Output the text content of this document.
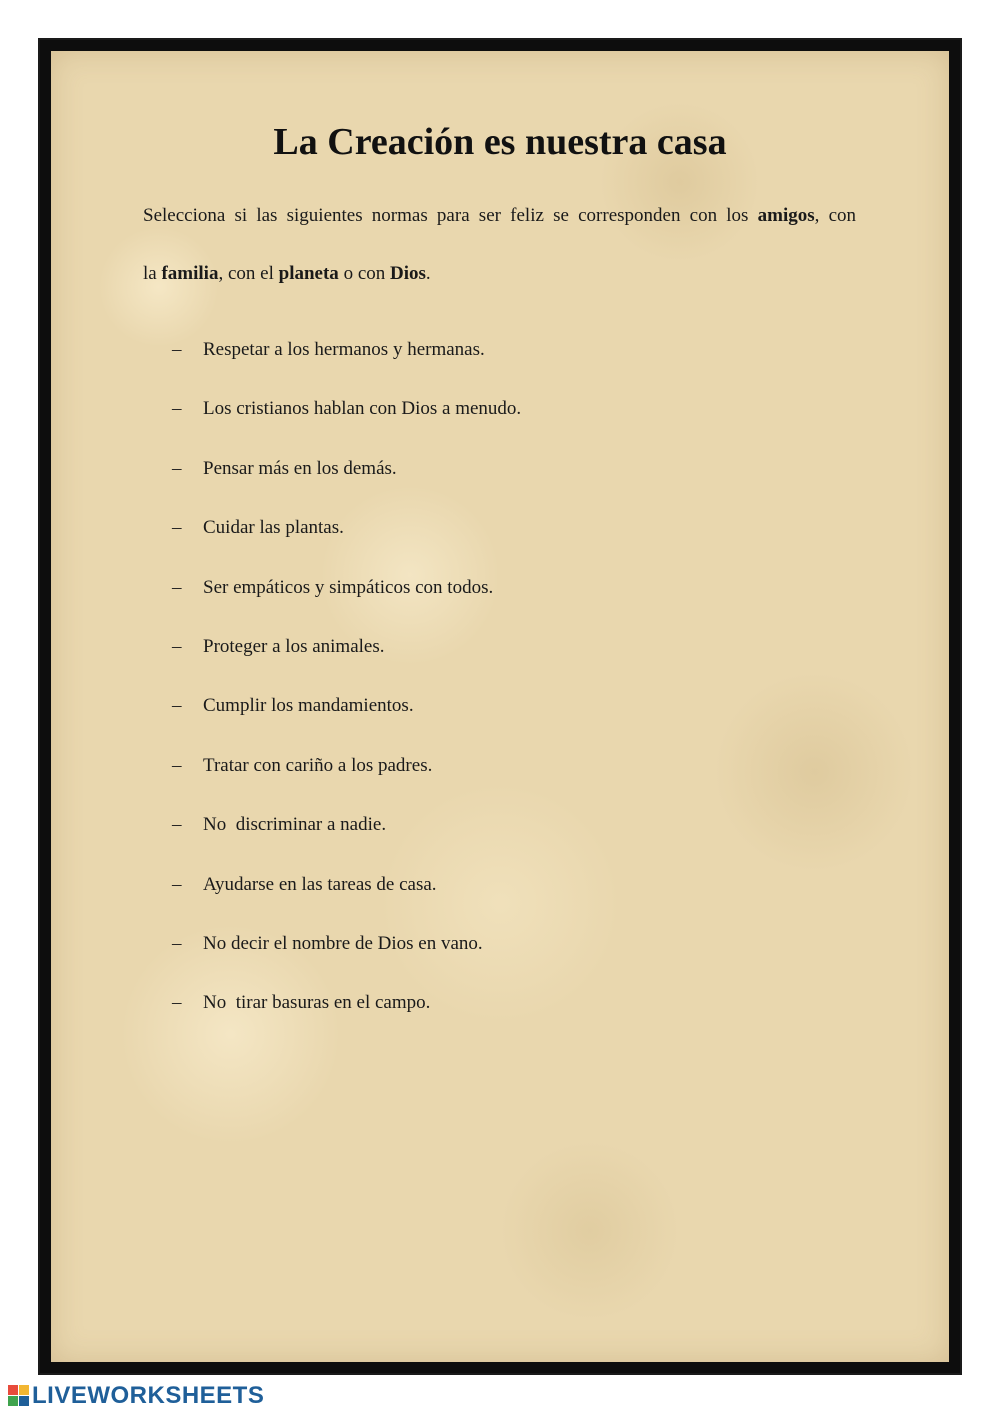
La Creación es nuestra casa

Selecciona si las siguientes normas para ser feliz se corresponden con los amigos, con

la familia, con el planeta o con Dios.

– Respetar a los hermanos y hermanas.
– Los cristianos hablan con Dios a menudo.
– Pensar más en los demás.
– Cuidar las plantas.
– Ser empáticos y simpáticos con todos.
– Proteger a los animales.
– Cumplir los mandamientos.
– Tratar con cariño a los padres.
– No  discriminar a nadie.
– Ayudarse en las tareas de casa.
– No decir el nombre de Dios en vano.
– No  tirar basuras en el campo.
LIVEWORKSHEETS
